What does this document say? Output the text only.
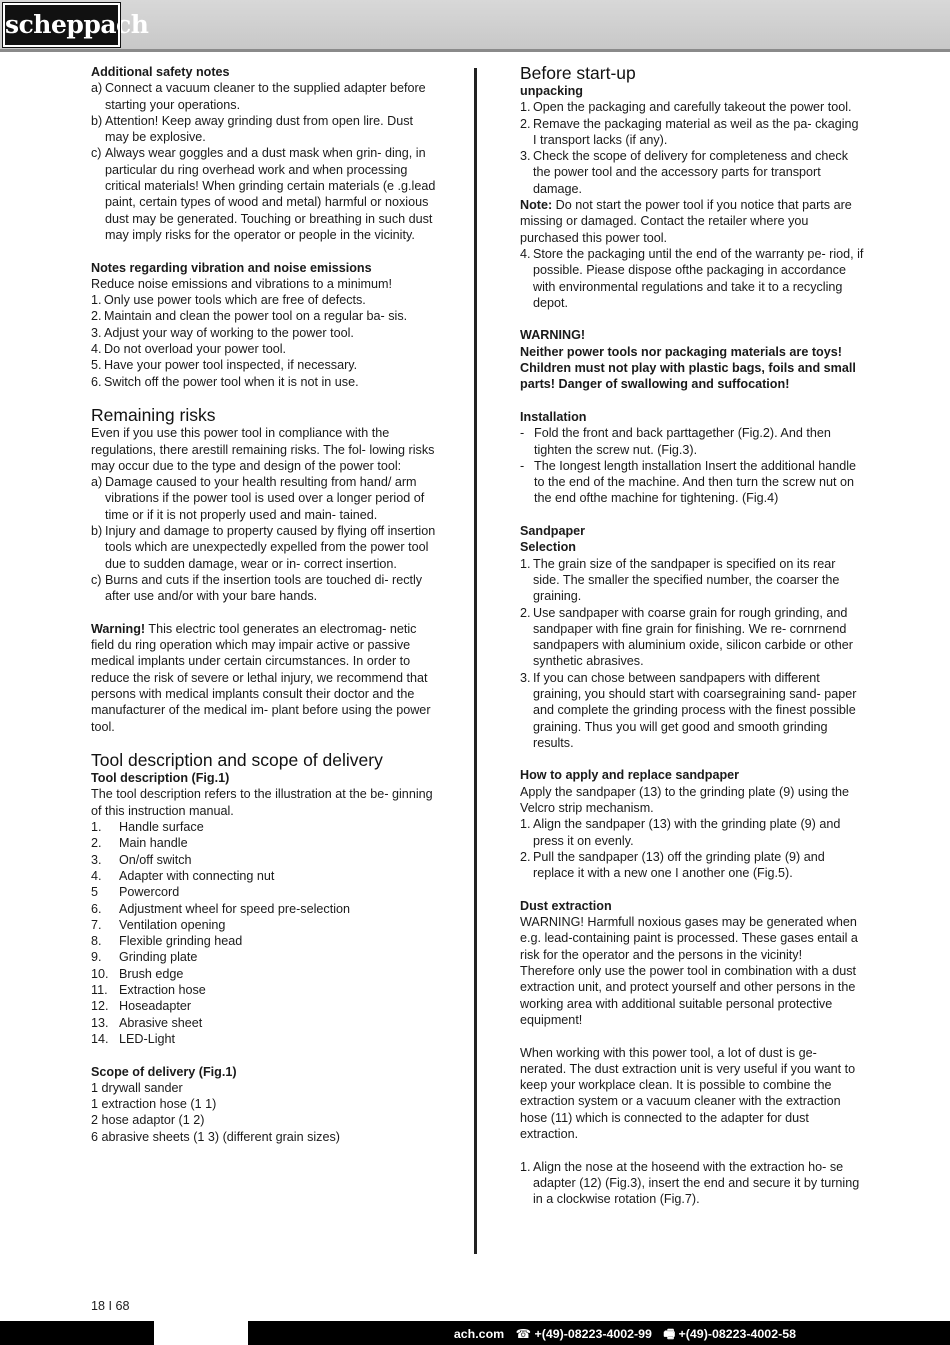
scheppach
Additional safety notes
a) Connect a vacuum cleaner to the supplied adapter before starting your operations.
b) Attention! Keep away grinding dust from open lire. Dust may be explosive.
c) Always wear goggles and a dust mask when grin- ding, in particular du ring overhead work and when processing critical materials! When grinding certain materials (e .g.lead paint, certain types of wood and metal) harmful or noxious dust may be generated. Touching or breathing in such dust may imply risks for the operator or people in the vicinity.
Notes regarding vibration and noise emissions
Reduce noise emissions and vibrations to a minimum!
1. Only use power tools which are free of defects.
2. Maintain and clean the power tool on a regular ba- sis.
3. Adjust your way of working to the power tool.
4. Do not overload your power tool.
5. Have your power tool inspected, if necessary.
6. Switch off the power tool when it is not in use.
Remaining risks
Even if you use this power tool in compliance with the regulations, there arestill remaining risks. The fol- lowing risks may occur due to the type and design of the power tool:
a) Damage caused to your health resulting from hand/ arm vibrations if the power tool is used over a longer period of time or if it is not properly used and main- tained.
b) Injury and damage to property caused by flying off insertion tools which are unexpectedly expelled from the power tool due to sudden damage, wear or in- correct insertion.
c) Burns and cuts if the insertion tools are touched di- rectly after use and/or with your bare hands.
Warning! This electric tool generates an electromag- netic field du ring operation which may impair active or passive medical implants under certain circumstances. In order to reduce the risk of severe or lethal injury, we recommend that persons with medical implants consult their doctor and the manufacturer of the medical im- plant before using the power tool.
Tool description and scope of delivery
Tool description (Fig.1)
The tool description refers to the illustration at the be- ginning of this instruction manual.
1.	Handle surface
2.	Main handle
3.	On/off switch
4.	Adapter with connecting nut
5	Powercord
6.	Adjustment wheel for speed pre-selection
7.	Ventilation opening
8.	Flexible grinding head
9.	Grinding plate
10. Brush edge
11. Extraction hose
12. Hoseadapter
13. Abrasive sheet
14. LED-Light
Scope of delivery (Fig.1)
1 drywall sander
1 extraction hose (1 1)
2 hose adaptor (1 2)
6 abrasive sheets (1 3) (different grain sizes)
Before start-up
unpacking
1. Open the packaging and carefully takeout the power tool.
2. Remave the packaging material as weil as the pa- ckaging I transport lacks (if any).
3. Check the scope of delivery for completeness and check the power tool and the accessory parts for transport damage.
Note: Do not start the power tool if you notice that parts are missing or damaged. Contact the retailer where you purchased this power tool.
4. Store the packaging until the end of the warranty pe- riod, if possible. Piease dispose ofthe packaging in accordance with environmental regulations and take it to a recycling depot.
WARNING!
Neither power tools nor packaging materials are toys! Children must not play with plastic bags, foils and small parts! Danger of swallowing and suffocation!
Installation
- Fold the front and back parttagether (Fig.2). And then tighten the screw nut. (Fig.3).
- The Iongest length installation Insert the additional handle to the end of the machine. And then turn the screw nut on the end ofthe machine for tightening. (Fig.4)
Sandpaper
Selection
1. The grain size of the sandpaper is specified on its rear side. The smaller the specified number, the coarser the graining.
2. Use sandpaper with coarse grain for rough grinding, and sandpaper with fine grain for finishing. We re- cornrnend sandpapers with aluminium oxide, silicon carbide or other synthetic abrasives.
3. If you can chose between sandpapers with different graining, you should start with coarsegraining sand- paper and complete the grinding process with the finest possible graining. Thus you will get good and smooth grinding results.
How to apply and replace sandpaper
Apply the sandpaper (13) to the grinding plate (9) using the Velcro strip mechanism.
1. Align the sandpaper (13) with the grinding plate (9) and press it on evenly.
2. Pull the sandpaper (13) off the grinding plate (9) and replace it with a new one I another one (Fig.5).
Dust extraction
WARNING! Harmfull noxious gases may be generated when e.g. lead-containing paint is processed. These gases entail a risk for the operator and the persons in the vicinity!
Therefore only use the power tool in combination with a dust extraction unit, and protect yourself and other persons in the working area with additional suitable personal protective equipment!
When working with this power tool, a lot of dust is ge- nerated. The dust extraction unit is very useful if you want to keep your workplace clean. It is possible to combine the extraction system or a vacuum cleaner with the extraction hose (11) which is connected to the adapter for dust extraction.
1. Align the nose at the hoseend with the extraction ho- se adapter (12) (Fig.3), insert the end and secure it by turning in a clockwise rotation (Fig.7).
18 I 68
ach.com ☎ +(49)-08223-4002-99 🖷 +(49)-08223-4002-58
